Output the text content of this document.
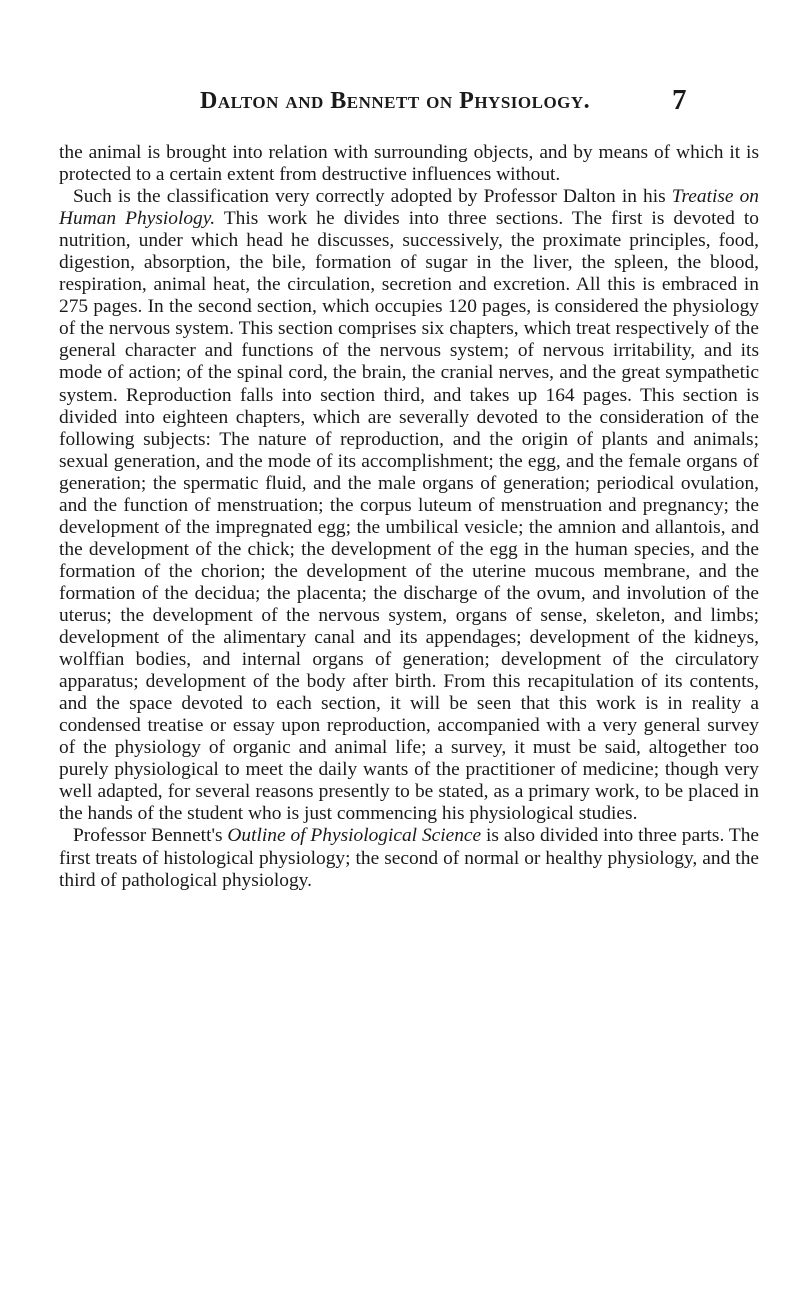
Dalton and Bennett on Physiology.	7

the animal is brought into relation with surrounding objects, and by means of which it is protected to a certain extent from destructive influences without.

Such is the classification very correctly adopted by Professor Dalton in his Treatise on Human Physiology. This work he divides into three sections. The first is devoted to nutrition, under which head he discusses, successively, the proximate principles, food, digestion, absorption, the bile, formation of sugar in the liver, the spleen, the blood, respiration, animal heat, the circulation, secretion and excretion. All this is embraced in 275 pages. In the second section, which occupies 120 pages, is considered the physiology of the nervous system. This section comprises six chapters, which treat respectively of the general character and functions of the nervous system; of nervous irritability, and its mode of action; of the spinal cord, the brain, the cranial nerves, and the great sympathetic system. Reproduction falls into section third, and takes up 164 pages. This section is divided into eighteen chapters, which are severally devoted to the consideration of the following subjects: The nature of reproduction, and the origin of plants and animals; sexual generation, and the mode of its accomplishment; the egg, and the female organs of generation; the spermatic fluid, and the male organs of generation; periodical ovulation, and the function of menstruation; the corpus luteum of menstruation and pregnancy; the development of the impregnated egg; the umbilical vesicle; the amnion and allantois, and the development of the chick; the development of the egg in the human species, and the formation of the chorion; the development of the uterine mucous membrane, and the formation of the decidua; the placenta; the discharge of the ovum, and involution of the uterus; the development of the nervous system, organs of sense, skeleton, and limbs; development of the alimentary canal and its appendages; development of the kidneys, wolffian bodies, and internal organs of generation; development of the circulatory apparatus; development of the body after birth. From this recapitulation of its contents, and the space devoted to each section, it will be seen that this work is in reality a condensed treatise or essay upon reproduction, accompanied with a very general survey of the physiology of organic and animal life; a survey, it must be said, altogether too purely physiological to meet the daily wants of the practitioner of medicine; though very well adapted, for several reasons presently to be stated, as a primary work, to be placed in the hands of the student who is just commencing his physiological studies.

Professor Bennett's Outline of Physiological Science is also divided into three parts. The first treats of histological physiology; the second of normal or healthy physiology, and the third of pathological physiology.
